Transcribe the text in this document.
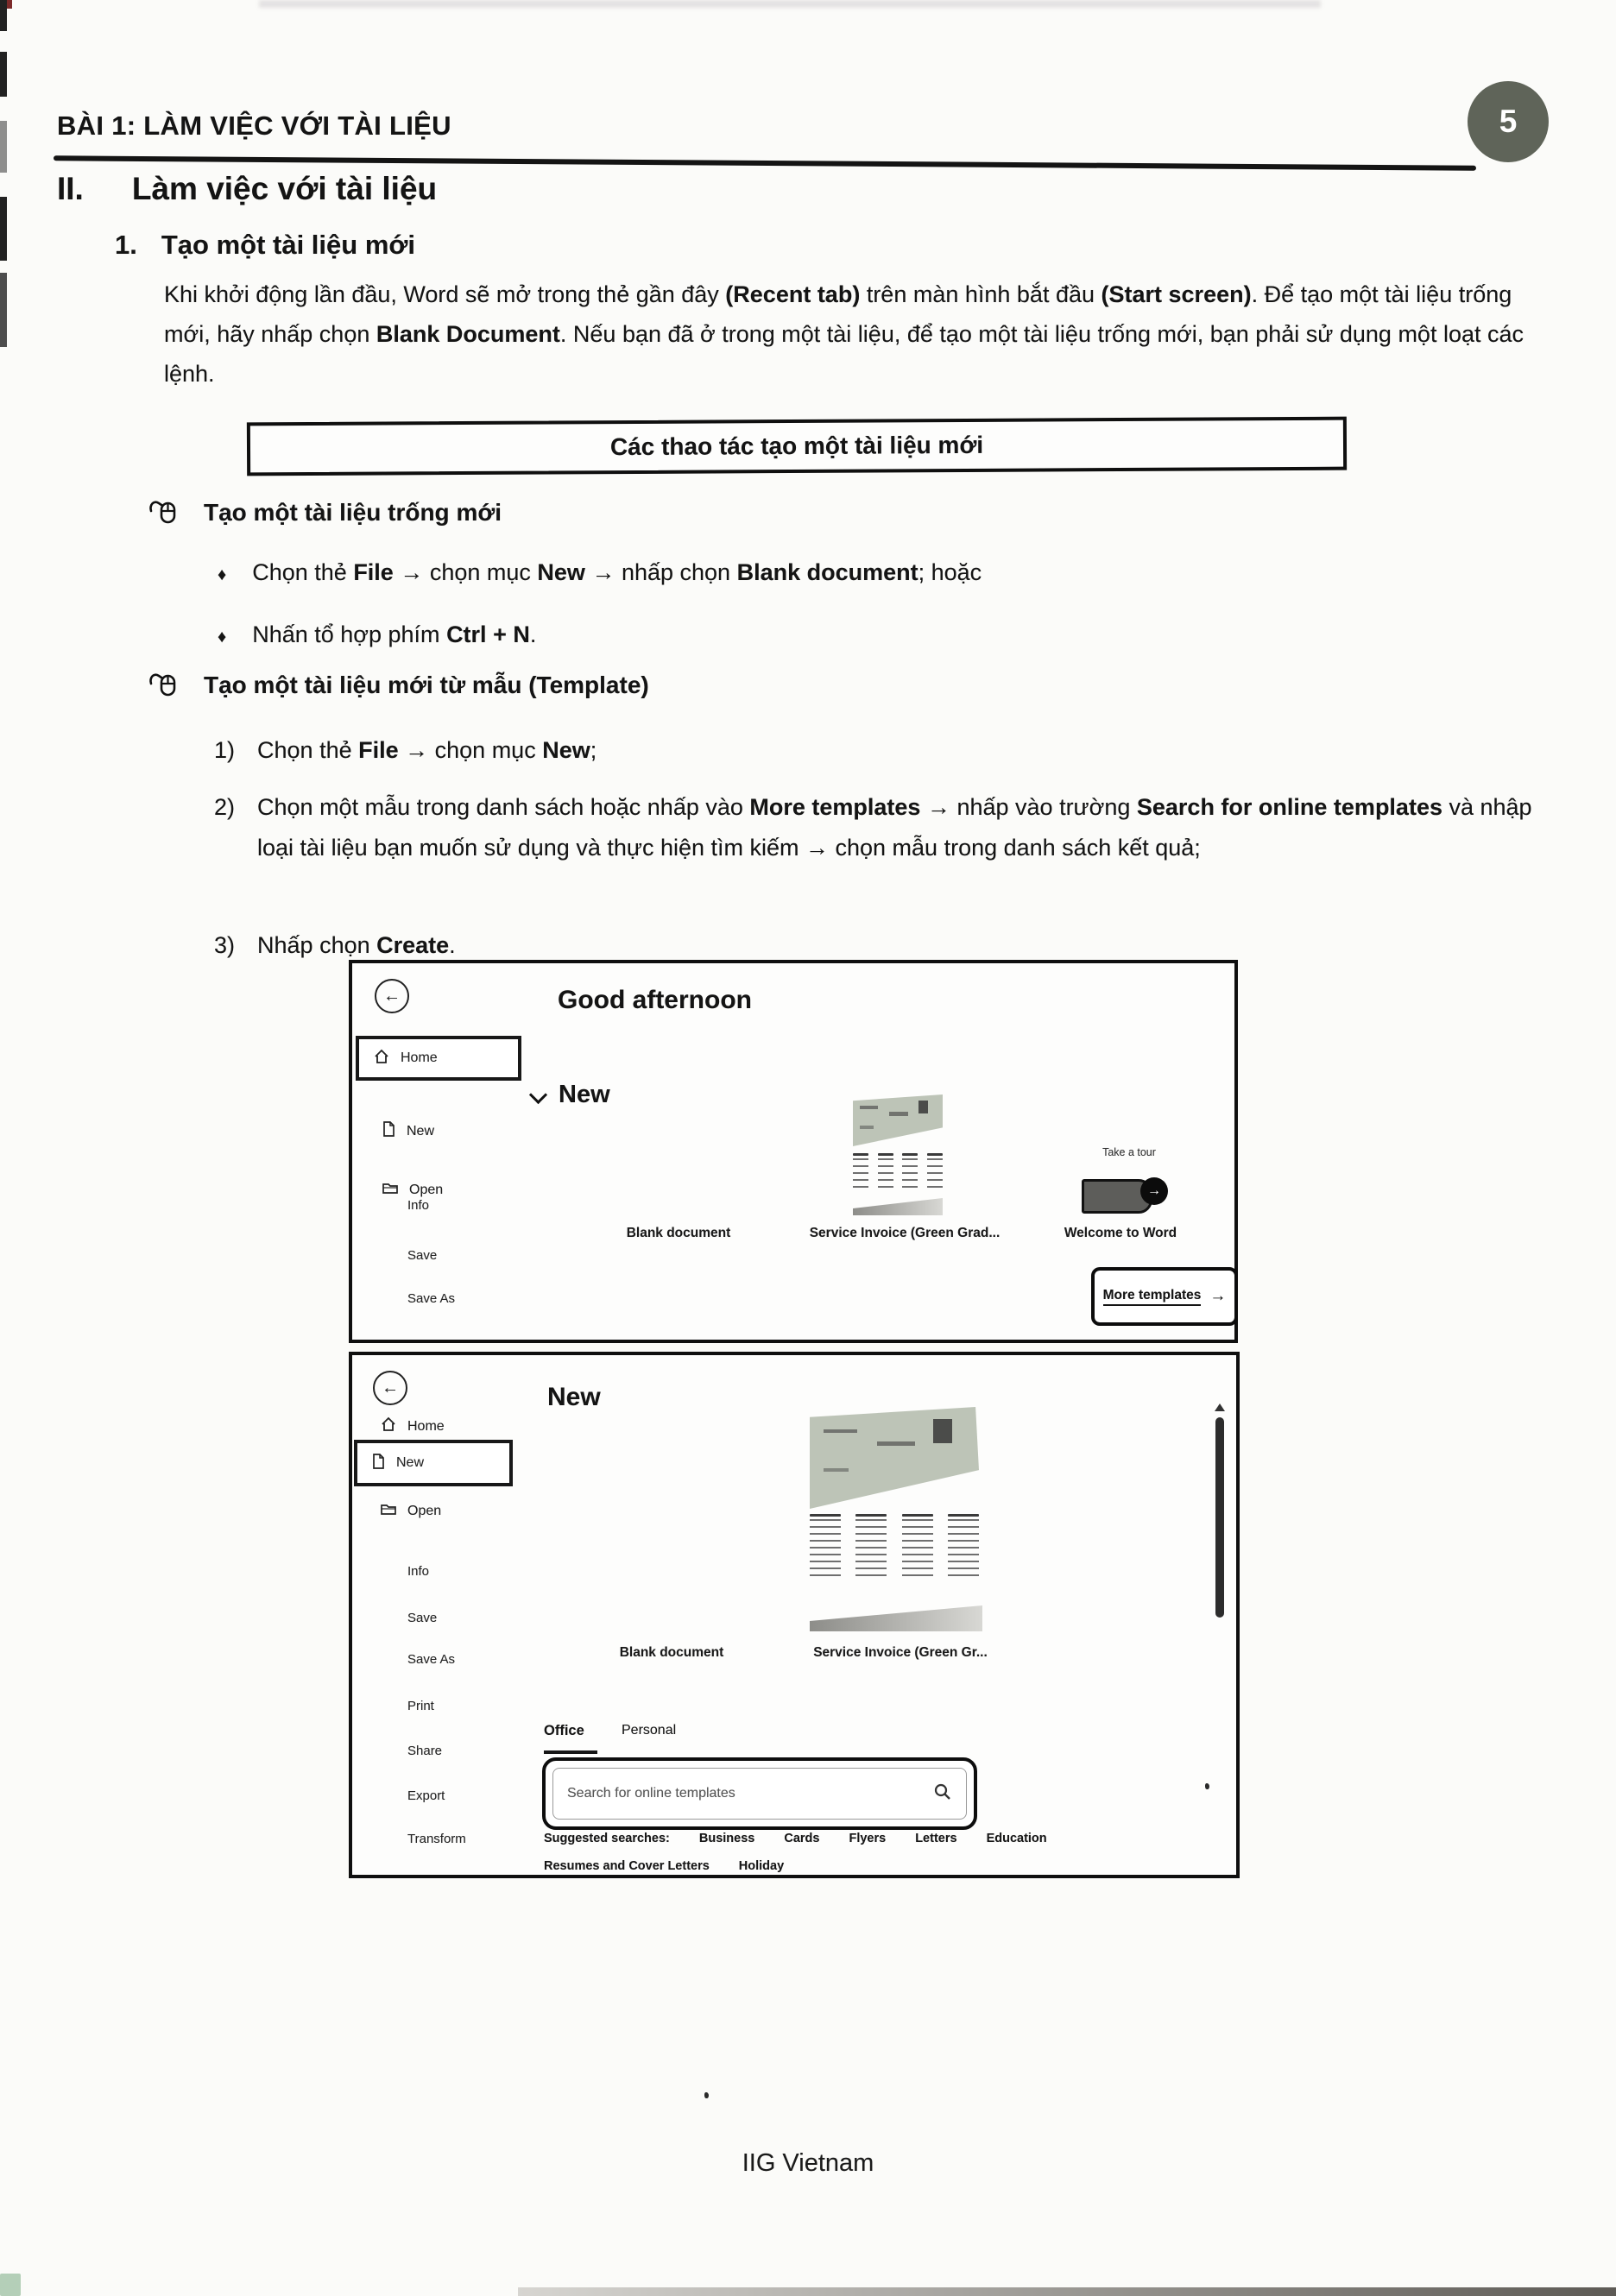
BÀI 1: LÀM VIỆC VỚI TÀI LIỆU	5
II. Làm việc với tài liệu
1. Tạo một tài liệu mới

Khi khởi động lần đầu, Word sẽ mở trong thẻ gần đây (Recent tab) trên màn hình bắt đầu (Start screen). Để tạo một tài liệu trống mới, hãy nhấp chọn Blank Document. Nếu bạn đã ở trong một tài liệu, để tạo một tài liệu trống mới, bạn phải sử dụng một loạt các lệnh.

Các thao tác tạo một tài liệu mới
Tạo một tài liệu trống mới
♦ Chọn thẻ File → chọn mục New → nhấp chọn Blank document; hoặc
♦ Nhấn tổ hợp phím Ctrl + N.
Tạo một tài liệu mới từ mẫu (Template)
1) Chọn thẻ File → chọn mục New;
2) Chọn một mẫu trong danh sách hoặc nhấp vào More templates → nhấp vào trường Search for online templates và nhập loại tài liệu bạn muốn sử dụng và thực hiện tìm kiếm → chọn mẫu trong danh sách kết quả;
3) Nhấp chọn Create.
←	Good afternoon
Home
New
New
Open
Info
Save
Save As
Take a tour
→
Blank document	Service Invoice (Green Grad...	Welcome to Word
More templates →
←	New
Home
New
Open
Info
Save
Save As
Print
Share
Export
Transform
Blank document	Service Invoice (Green Gr...
Office	Personal
Search for online templates
Suggested searches: Business Cards Flyers Letters Education
Resumes and Cover Letters Holiday
IIG Vietnam
